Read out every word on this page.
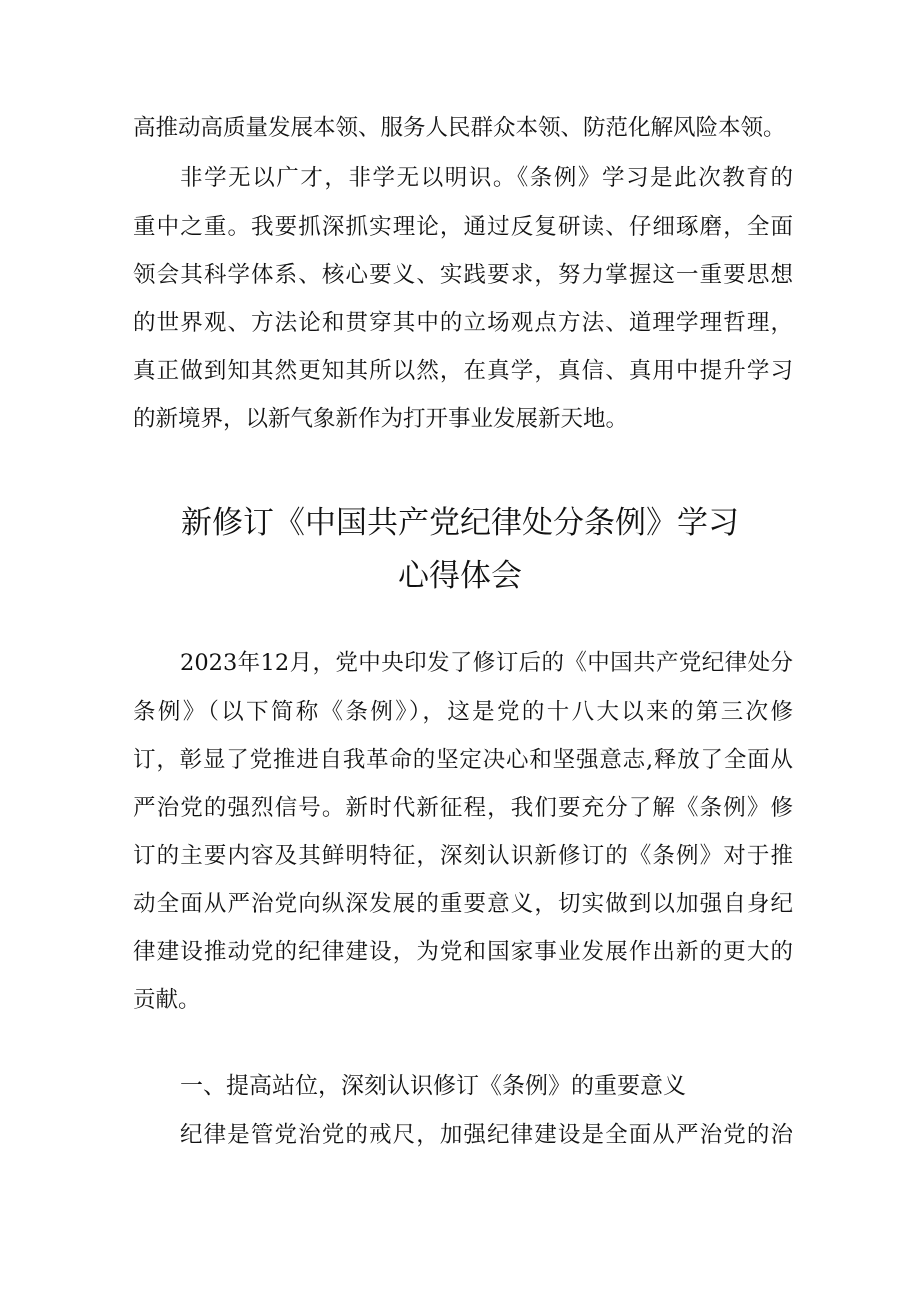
高推动高质量发展本领、服务人民群众本领、防范化解风险本领。
非学无以广才，非学无以明识。《条例》学习是此次教育的
重中之重。我要抓深抓实理论，通过反复研读、仔细琢磨，全面
领会其科学体系、核心要义、实践要求，努力掌握这一重要思想
的世界观、方法论和贯穿其中的立场观点方法、道理学理哲理，
真正做到知其然更知其所以然，在真学，真信、真用中提升学习
的新境界，以新气象新作为打开事业发展新天地。
新修订《中国共产党纪律处分条例》学习
心得体会
2023年12月，党中央印发了修订后的《中国共产党纪律处分
条例》（以下简称《条例》），这是党的十八大以来的第三次修
订，彰显了党推进自我革命的坚定决心和坚强意志,释放了全面从
严治党的强烈信号。新时代新征程，我们要充分了解《条例》修
订的主要内容及其鲜明特征，深刻认识新修订的《条例》对于推
动全面从严治党向纵深发展的重要意义，切实做到以加强自身纪
律建设推动党的纪律建设，为党和国家事业发展作出新的更大的
贡献。
一、提高站位，深刻认识修订《条例》的重要意义
纪律是管党治党的戒尺，加强纪律建设是全面从严治党的治
